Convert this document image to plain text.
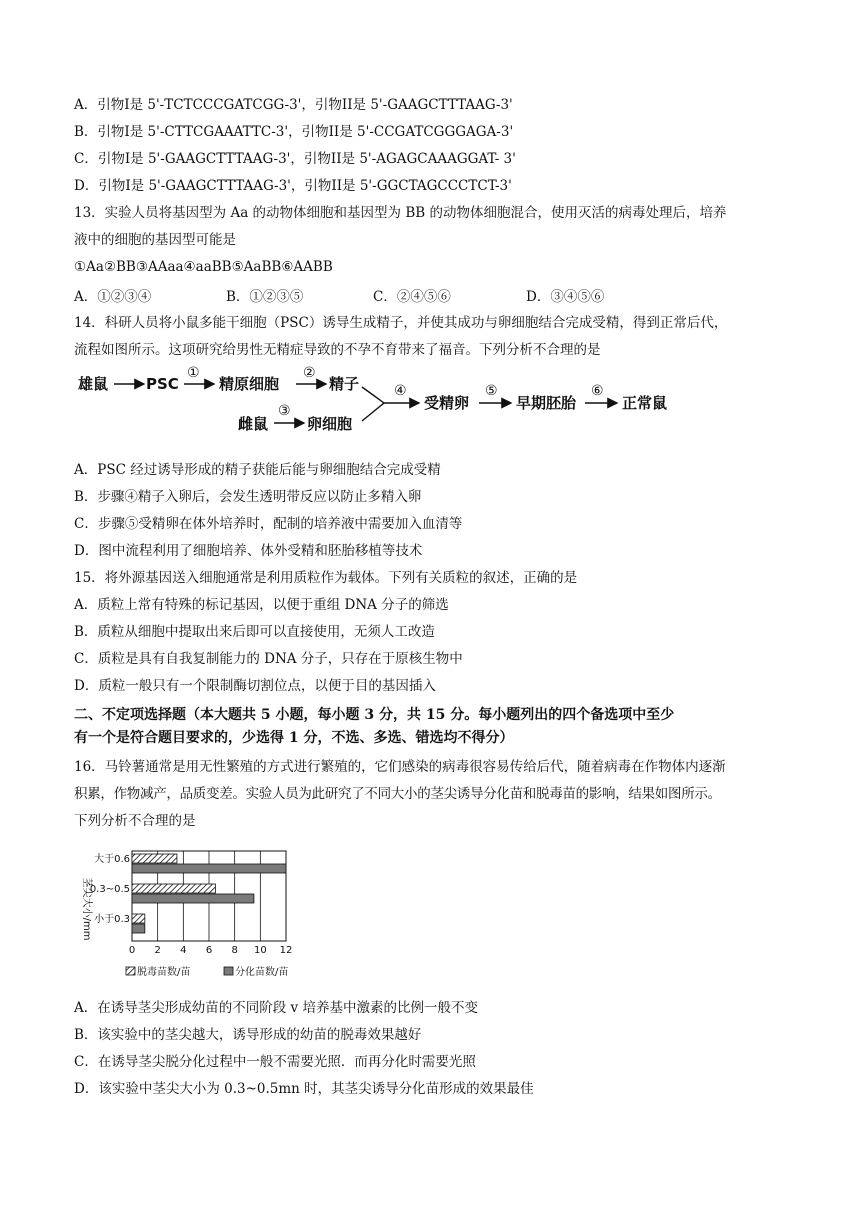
A．引物I是 5'-TCTCCCGATCGG-3'，引物II是 5'-GAAGCTTTAAG-3'

B．引物I是 5'-CTTCGAAATTC-3'，引物II是 5'-CCGATCGGGAGA-3'

C．引物I是 5'-GAAGCTTTAAG-3'，引物II是 5'-AGAGCAAAGGAT- 3'

D．引物I是 5'-GAAGCTTTAAG-3'，引物II是 5'-GGCTAGCCCTCT-3'

13．实验人员将基因型为 Aa 的动物体细胞和基因型为 BB 的动物体细胞混合，使用灭活的病毒处理后，培养

液中的细胞的基因型可能是

①Aa②BB③AAaa④aaBB⑤AaBB⑥AABB

A．①②③④	B．①②③⑤	C．②④⑤⑥	D．③④⑤⑥

14．科研人员将小鼠多能干细胞（PSC）诱导生成精子，并使其成功与卵细胞结合完成受精，得到正常后代，

流程如图所示。这项研究给男性无精症导致的不孕不育带来了福音。下列分析不合理的是

雄鼠	PSC
①
精原细胞
②
精子
雌鼠
③
卵细胞
④
受精卵
⑤
早期胚胎
⑥
正常鼠

A．PSC 经过诱导形成的精子获能后能与卵细胞结合完成受精

B．步骤④精子入卵后，会发生透明带反应以防止多精入卵

C．步骤⑤受精卵在体外培养时，配制的培养液中需要加入血清等

D．图中流程利用了细胞培养、体外受精和胚胎移植等技术

15．将外源基因送入细胞通常是利用质粒作为载体。下列有关质粒的叙述，正确的是

A．质粒上常有特殊的标记基因，以便于重组 DNA 分子的筛选

B．质粒从细胞中提取出来后即可以直接使用，无须人工改造

C．质粒是具有自我复制能力的 DNA 分子，只存在于原核生物中

D．质粒一般只有一个限制酶切割位点，以便于目的基因插入

二、不定项选择题（本大题共 5 小题，每小题 3 分，共 15 分。每小题列出的四个备选项中至少
有一个是符合题目要求的，少选得 1 分，不选、多选、错选均不得分）
16．马铃薯通常是用无性繁殖的方式进行繁殖的，它们感染的病毒很容易传给后代，随着病毒在作物体内逐渐
积累，作物减产，品质变差。实验人员为此研究了不同大小的茎尖诱导分化苗和脱毒苗的影响，结果如图所示。
下列分析不合理的是
0 2 4 6 8 10 12
大于0.6
0.3~0.5
小于0.3
茎尖大小/mm
脱毒苗数/苗	分化苗数/苗

A．在诱导茎尖形成幼苗的不同阶段 v 培养基中激素的比例一般不变

B．该实验中的茎尖越大，诱导形成的幼苗的脱毒效果越好

C．在诱导茎尖脱分化过程中一般不需要光照．而再分化时需要光照

D．该实验中茎尖大小为 0.3~0.5mn 时，其茎尖诱导分化苗形成的效果最佳
